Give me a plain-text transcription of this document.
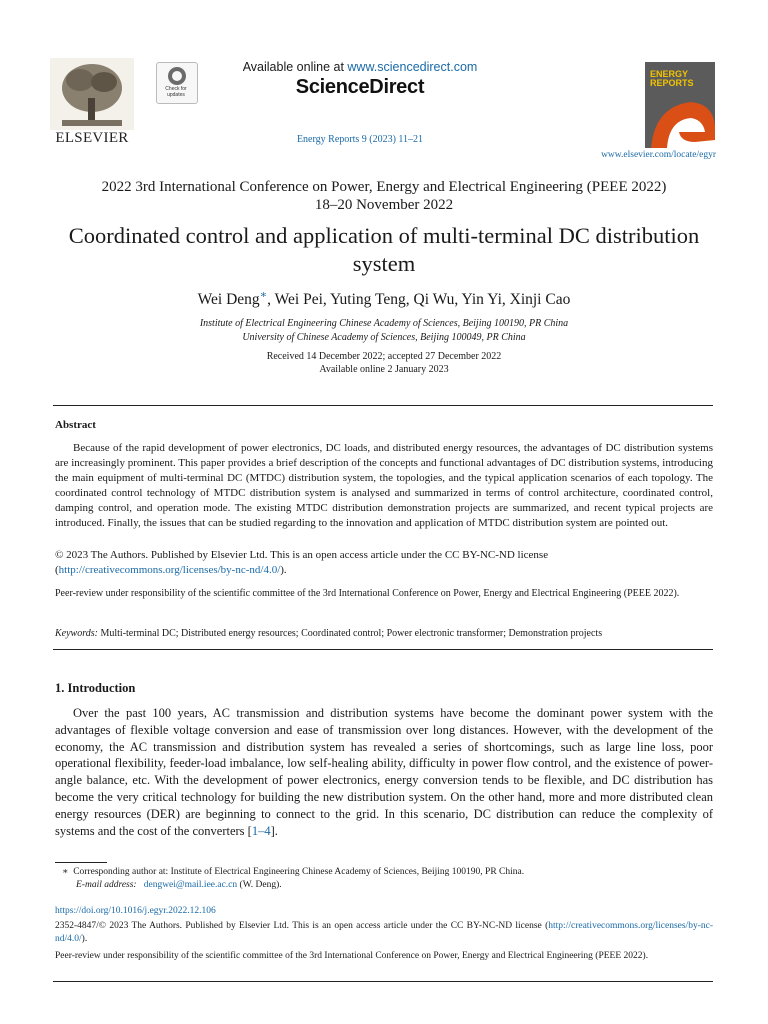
ELSEVIER
Check for updates
Available online at www.sciencedirect.com
ScienceDirect
Energy Reports 9 (2023) 11–21
ENERGY REPORTS
www.elsevier.com/locate/egyr
2022 3rd International Conference on Power, Energy and Electrical Engineering (PEEE 2022)
18–20 November 2022
Coordinated control and application of multi-terminal DC distribution system
Wei Deng∗, Wei Pei, Yuting Teng, Qi Wu, Yin Yi, Xinji Cao
Institute of Electrical Engineering Chinese Academy of Sciences, Beijing 100190, PR China
University of Chinese Academy of Sciences, Beijing 100049, PR China
Received 14 December 2022; accepted 27 December 2022
Available online 2 January 2023
Abstract
Because of the rapid development of power electronics, DC loads, and distributed energy resources, the advantages of DC distribution systems are increasingly prominent. This paper provides a brief description of the concepts and functional advantages of DC distribution systems, introducing the main equipment of multi-terminal DC (MTDC) distribution system, the topologies, and the typical application scenarios of each topology. The coordinated control technology of MTDC distribution system is analysed and summarized in terms of control architecture, coordinated control, damping control, and operation mode. The existing MTDC distribution demonstration projects are summarized, and recent typical projects are introduced. Finally, the issues that can be studied regarding to the innovation and application of MTDC distribution system are pointed out.
© 2023 The Authors. Published by Elsevier Ltd. This is an open access article under the CC BY-NC-ND license
(http://creativecommons.org/licenses/by-nc-nd/4.0/).
Peer-review under responsibility of the scientific committee of the 3rd International Conference on Power, Energy and Electrical Engineering (PEEE 2022).
Keywords: Multi-terminal DC; Distributed energy resources; Coordinated control; Power electronic transformer; Demonstration projects
1. Introduction
Over the past 100 years, AC transmission and distribution systems have become the dominant power system with the advantages of flexible voltage conversion and ease of transmission over long distances. However, with the development of the economy, the AC transmission and distribution system has revealed a series of shortcomings, such as large line loss, poor operational flexibility, feeder-load imbalance, low self-healing ability, difficulty in power flow control, and the existence of power-angle balance, etc. With the development of power electronics, energy conversion tends to be flexible, and DC distribution has become the very critical technology for building the new distribution system. On the other hand, more and more distributed clean energy resources (DER) are beginning to connect to the grid. In this scenario, DC distribution can reduce the complexity of systems and the cost of the converters [1–4].
∗ Corresponding author at: Institute of Electrical Engineering Chinese Academy of Sciences, Beijing 100190, PR China.
E-mail address: dengwei@mail.iee.ac.cn (W. Deng).
https://doi.org/10.1016/j.egyr.2022.12.106
2352-4847/© 2023 The Authors. Published by Elsevier Ltd. This is an open access article under the CC BY-NC-ND license (http://creativecommons.org/licenses/by-nc-nd/4.0/).
Peer-review under responsibility of the scientific committee of the 3rd International Conference on Power, Energy and Electrical Engineering (PEEE 2022).
